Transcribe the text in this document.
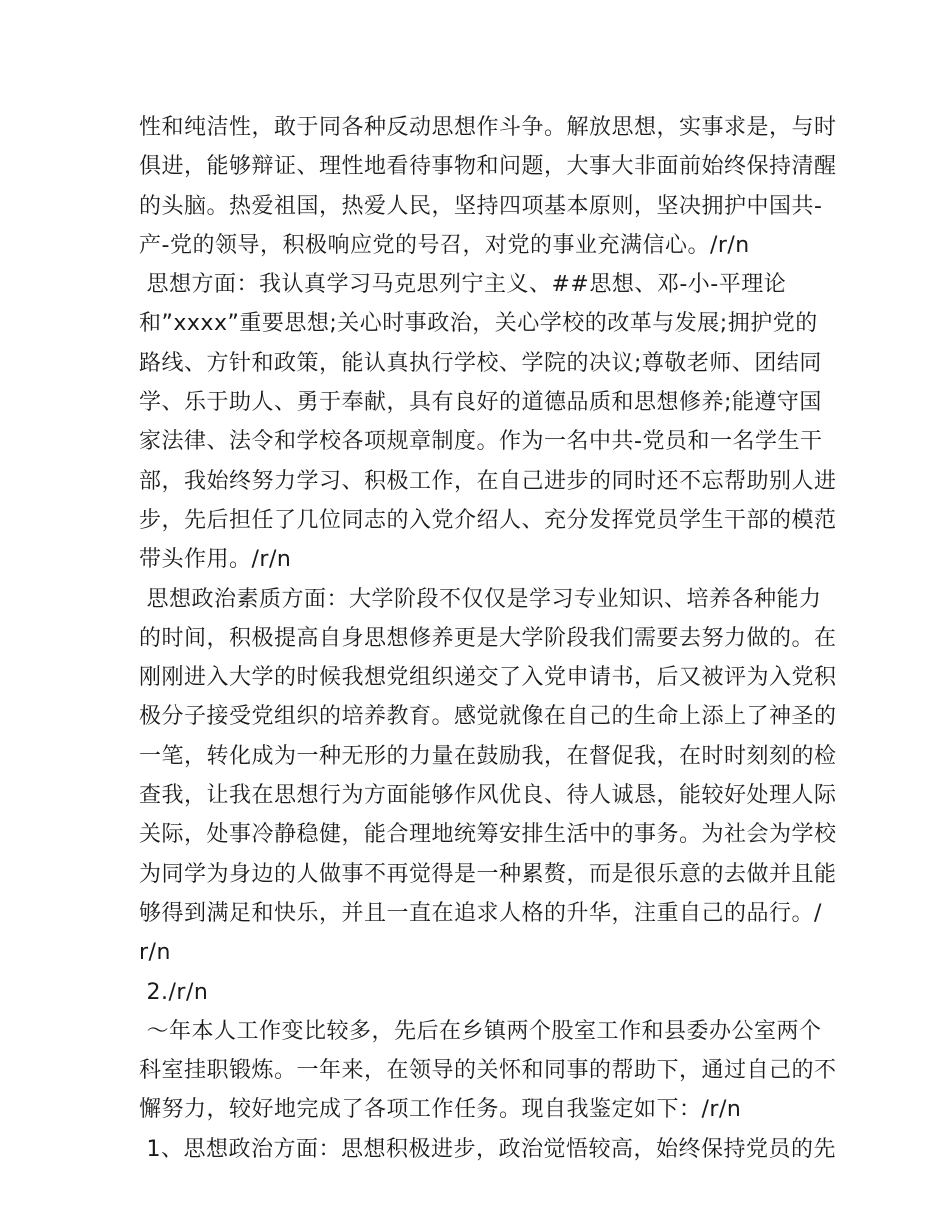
性和纯洁性，敢于同各种反动思想作斗争。解放思想，实事求是，与时
俱进，能够辩证、理性地看待事物和问题，大事大非面前始终保持清醒
的头脑。热爱祖国，热爱人民，坚持四项基本原则，坚决拥护中国共-
产-党的领导，积极响应党的号召，对党的事业充满信心。/r/n
思想方面：我认真学习马克思列宁主义、##思想、邓-小-平理论
和”xxxx”重要思想;关心时事政治，关心学校的改革与发展;拥护党的
路线、方针和政策，能认真执行学校、学院的决议;尊敬老师、团结同
学、乐于助人、勇于奉献，具有良好的道德品质和思想修养;能遵守国
家法律、法令和学校各项规章制度。作为一名中共-党员和一名学生干
部，我始终努力学习、积极工作，在自己进步的同时还不忘帮助别人进
步，先后担任了几位同志的入党介绍人、充分发挥党员学生干部的模范
带头作用。/r/n
思想政治素质方面：大学阶段不仅仅是学习专业知识、培养各种能力
的时间，积极提高自身思想修养更是大学阶段我们需要去努力做的。在
刚刚进入大学的时候我想党组织递交了入党申请书，后又被评为入党积
极分子接受党组织的培养教育。感觉就像在自己的生命上添上了神圣的
一笔，转化成为一种无形的力量在鼓励我，在督促我，在时时刻刻的检
查我，让我在思想行为方面能够作风优良、待人诚恳，能较好处理人际
关际，处事冷静稳健，能合理地统筹安排生活中的事务。为社会为学校
为同学为身边的人做事不再觉得是一种累赘，而是很乐意的去做并且能
够得到满足和快乐，并且一直在追求人格的升华，注重自己的品行。/
r/n
2./r/n
～年本人工作变比较多，先后在乡镇两个股室工作和县委办公室两个
科室挂职锻炼。一年来，在领导的关怀和同事的帮助下，通过自己的不
懈努力，较好地完成了各项工作任务。现自我鉴定如下：/r/n
1、思想政治方面：思想积极进步，政治觉悟较高，始终保持党员的先
